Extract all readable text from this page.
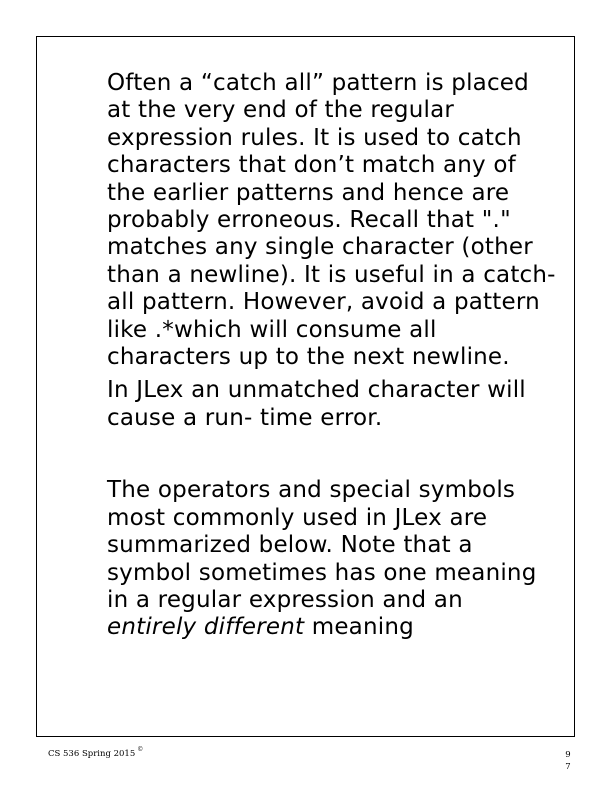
Often a “catch all” pattern is placed at the very end of the regular expression rules. It is used to catch characters that don’t match any of the earlier patterns and hence are probably erroneous. Recall that "." matches any single character (other than a newline). It is useful in a catch- all pattern. However, avoid a pattern like .*which will consume all characters up to the next newline.

In JLex an unmatched character will cause a run- time error.

The operators and special symbols most commonly used in JLex are summarized below. Note that a symbol sometimes has one meaning in a regular expression and an entirely different meaning

CS 536 Spring 2015 ©
9
7
